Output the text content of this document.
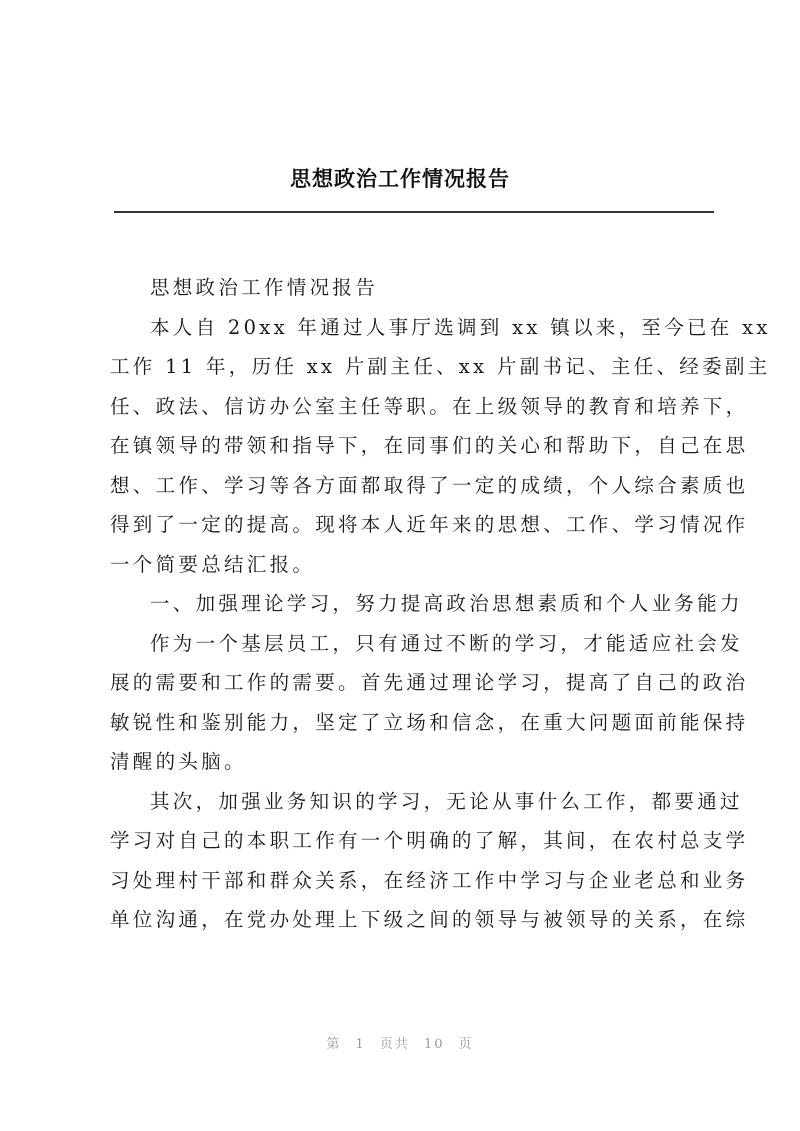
思想政治工作情况报告
思想政治工作情况报告
本人自 20xx 年通过人事厅选调到 xx 镇以来，至今已在 xx
工作 11 年，历任 xx 片副主任、xx 片副书记、主任、经委副主
任、政法、信访办公室主任等职。在上级领导的教育和培养下，
在镇领导的带领和指导下，在同事们的关心和帮助下，自己在思
想、工作、学习等各方面都取得了一定的成绩，个人综合素质也
得到了一定的提高。现将本人近年来的思想、工作、学习情况作
一个简要总结汇报。
一、加强理论学习，努力提高政治思想素质和个人业务能力
作为一个基层员工，只有通过不断的学习，才能适应社会发
展的需要和工作的需要。首先通过理论学习，提高了自己的政治
敏锐性和鉴别能力，坚定了立场和信念，在重大问题面前能保持
清醒的头脑。
其次，加强业务知识的学习，无论从事什么工作，都要通过
学习对自己的本职工作有一个明确的了解，其间，在农村总支学
习处理村干部和群众关系，在经济工作中学习与企业老总和业务
单位沟通，在党办处理上下级之间的领导与被领导的关系，在综
第 1 页共 10 页
